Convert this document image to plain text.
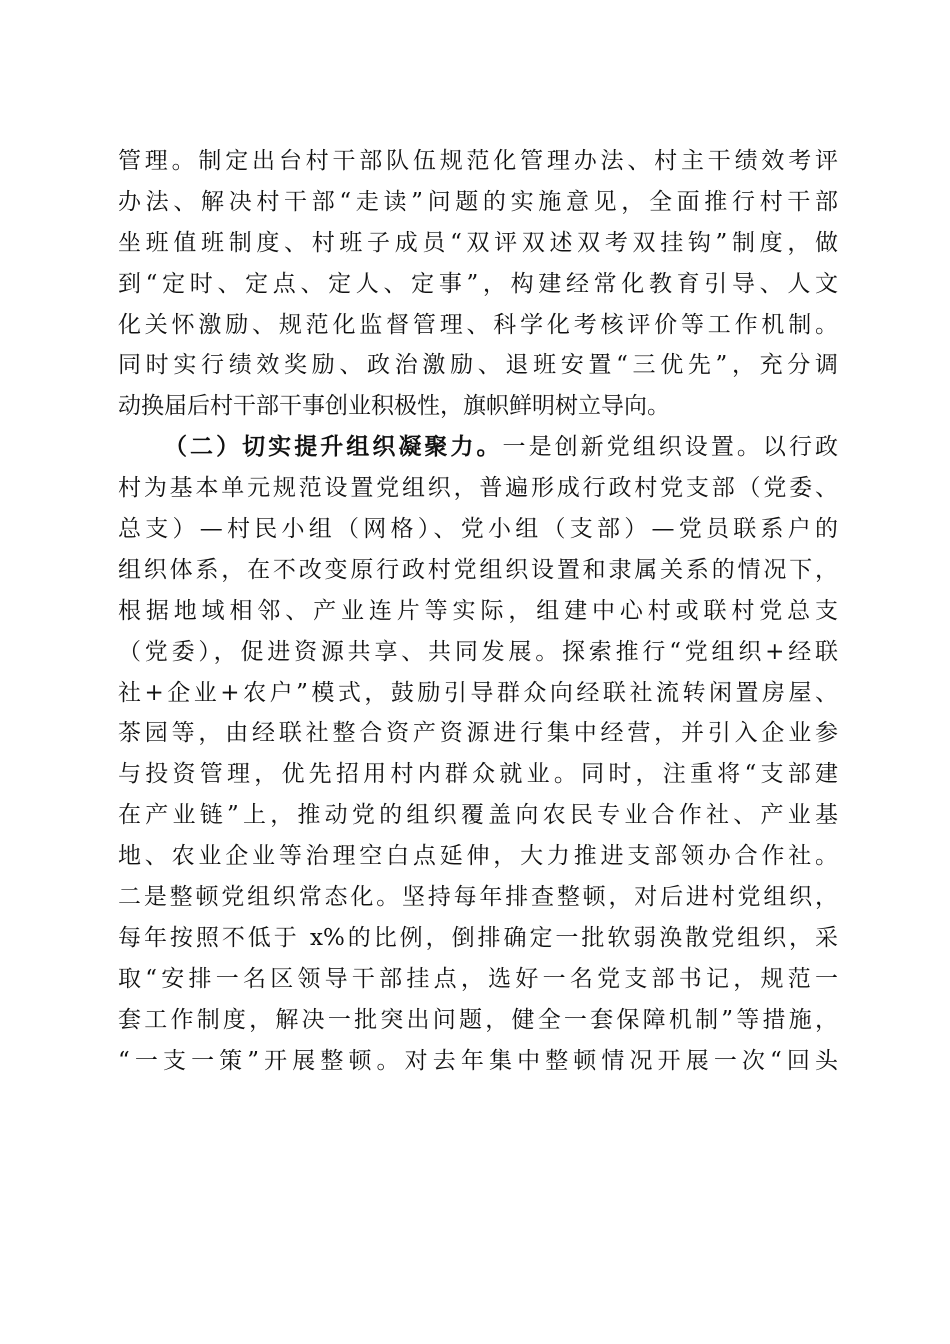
管理。制定出台村干部队伍规范化管理办法、村主干绩效考评
办法、解决村干部“走读”问题的实施意见，全面推行村干部
坐班值班制度、村班子成员“双评双述双考双挂钩”制度，做
到“定时、定点、定人、定事”，构建经常化教育引导、人文
化关怀激励、规范化监督管理、科学化考核评价等工作机制。
同时实行绩效奖励、政治激励、退班安置“三优先”，充分调
动换届后村干部干事创业积极性，旗帜鲜明树立导向。
（二）切实提升组织凝聚力。一是创新党组织设置。以行政
村为基本单元规范设置党组织，普遍形成行政村党支部（党委、
总支）—村民小组（网格）、党小组（支部）—党员联系户的
组织体系，在不改变原行政村党组织设置和隶属关系的情况下，
根据地域相邻、产业连片等实际，组建中心村或联村党总支
（党委），促进资源共享、共同发展。探索推行“党组织+经联
社+企业+农户”模式，鼓励引导群众向经联社流转闲置房屋、
茶园等，由经联社整合资产资源进行集中经营，并引入企业参
与投资管理，优先招用村内群众就业。同时，注重将“支部建
在产业链”上，推动党的组织覆盖向农民专业合作社、产业基
地、农业企业等治理空白点延伸，大力推进支部领办合作社。
二是整顿党组织常态化。坚持每年排查整顿，对后进村党组织，
每年按照不低于 x%的比例，倒排确定一批软弱涣散党组织，采
取“安排一名区领导干部挂点，选好一名党支部书记，规范一
套工作制度，解决一批突出问题，健全一套保障机制”等措施，
“一支一策”开展整顿。对去年集中整顿情况开展一次“回头
